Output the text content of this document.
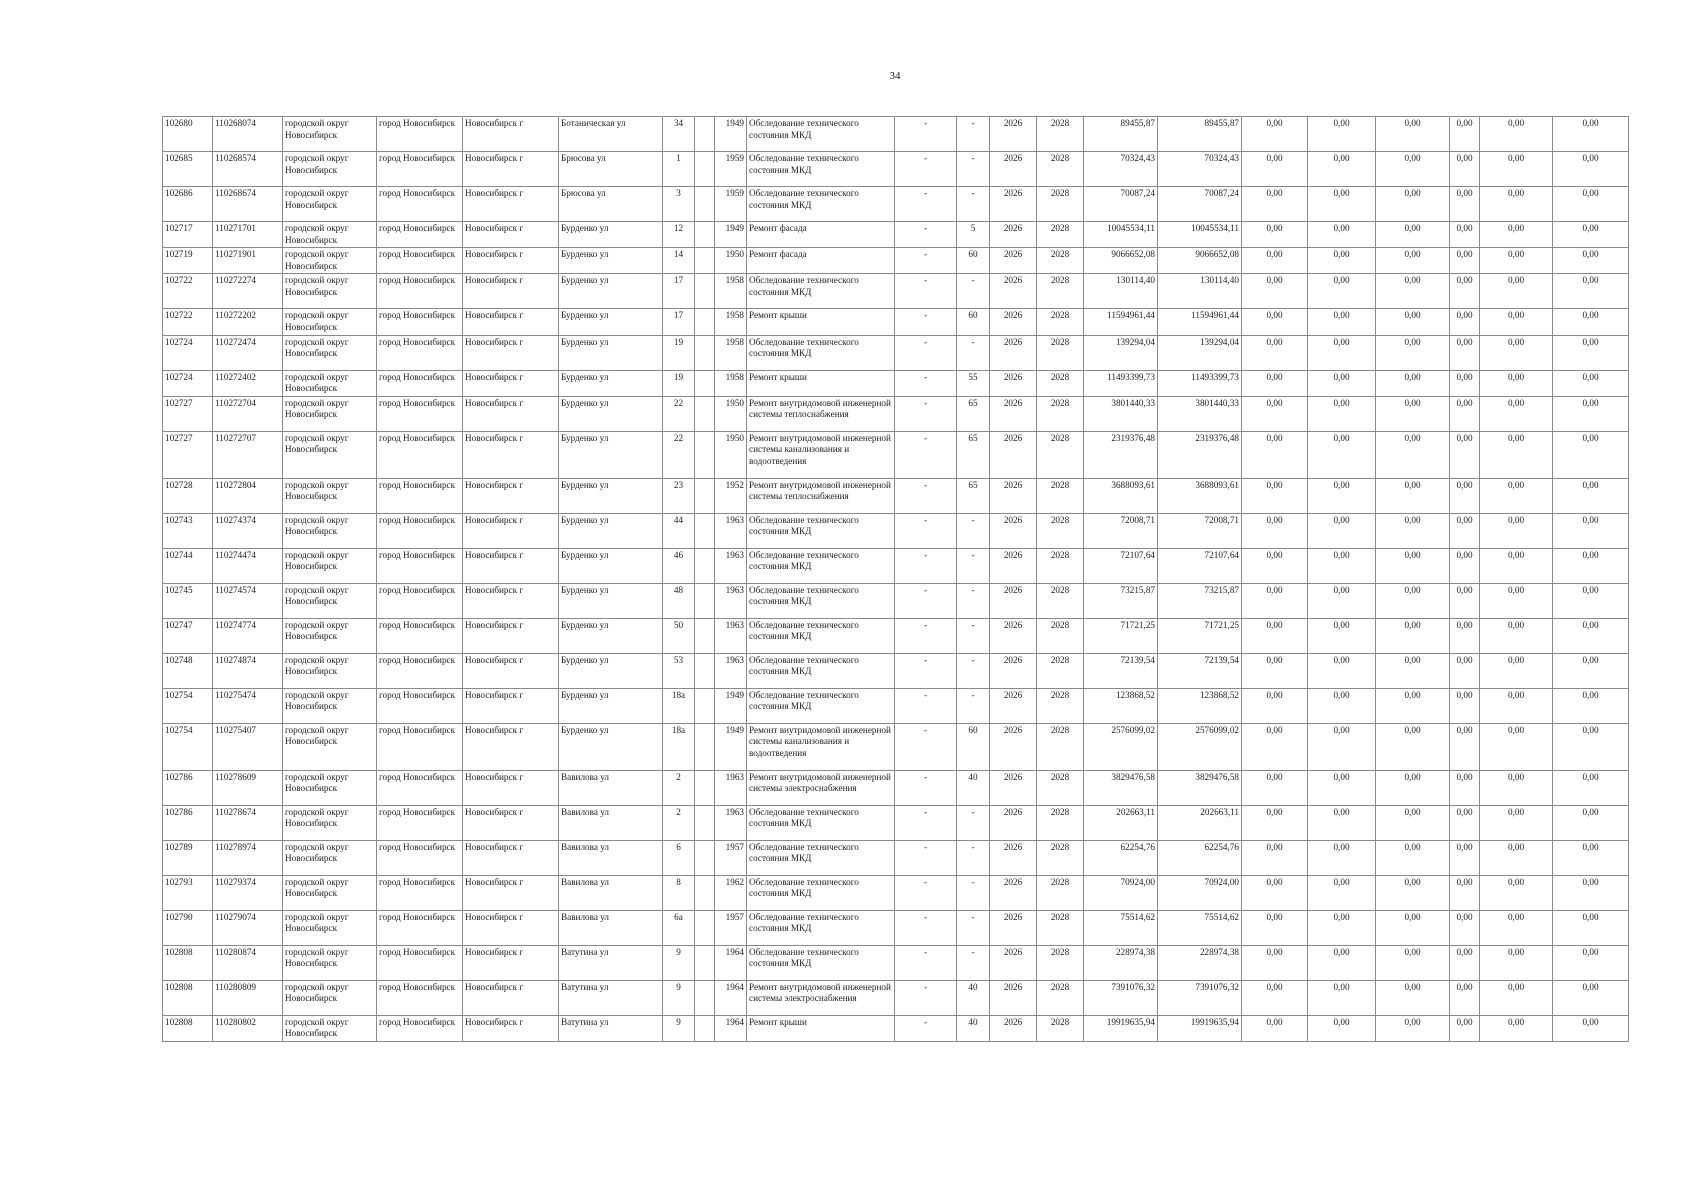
34
102680	110268074	городской округ Новосибирск	город Новосибирск	Новосибирск г	Ботаническая ул	34		1949	Обследование технического состояния МКД	-	-	2026	2028	89455,87	89455,87	0,00	0,00	0,00	0,00	0,00	0,00
102685	110268574	городской округ Новосибирск	город Новосибирск	Новосибирск г	Брюсова ул	1		1959	Обследование технического состояния МКД	-	-	2026	2028	70324,43	70324,43	0,00	0,00	0,00	0,00	0,00	0,00
102686	110268674	городской округ Новосибирск	город Новосибирск	Новосибирск г	Брюсова ул	3		1959	Обследование технического состояния МКД	-	-	2026	2028	70087,24	70087,24	0,00	0,00	0,00	0,00	0,00	0,00
102717	110271701	городской округ Новосибирск	город Новосибирск	Новосибирск г	Бурденко ул	12		1949	Ремонт фасада	-	5	2026	2028	10045534,11	10045534,11	0,00	0,00	0,00	0,00	0,00	0,00
102719	110271901	городской округ Новосибирск	город Новосибирск	Новосибирск г	Бурденко ул	14		1950	Ремонт фасада	-	60	2026	2028	9066652,08	9066652,08	0,00	0,00	0,00	0,00	0,00	0,00
102722	110272274	городской округ Новосибирск	город Новосибирск	Новосибирск г	Бурденко ул	17		1958	Обследование технического состояния МКД	-	-	2026	2028	130114,40	130114,40	0,00	0,00	0,00	0,00	0,00	0,00
102722	110272202	городской округ Новосибирск	город Новосибирск	Новосибирск г	Бурденко ул	17		1958	Ремонт крыши	-	60	2026	2028	11594961,44	11594961,44	0,00	0,00	0,00	0,00	0,00	0,00
102724	110272474	городской округ Новосибирск	город Новосибирск	Новосибирск г	Бурденко ул	19		1958	Обследование технического состояния МКД	-	-	2026	2028	139294,04	139294,04	0,00	0,00	0,00	0,00	0,00	0,00
102724	110272402	городской округ Новосибирск	город Новосибирск	Новосибирск г	Бурденко ул	19		1958	Ремонт крыши	-	55	2026	2028	11493399,73	11493399,73	0,00	0,00	0,00	0,00	0,00	0,00
102727	110272704	городской округ Новосибирск	город Новосибирск	Новосибирск г	Бурденко ул	22		1950	Ремонт внутридомовой инженерной системы теплоснабжения	-	65	2026	2028	3801440,33	3801440,33	0,00	0,00	0,00	0,00	0,00	0,00
102727	110272707	городской округ Новосибирск	город Новосибирск	Новосибирск г	Бурденко ул	22		1950	Ремонт внутридомовой инженерной системы канализования и водоотведения	-	65	2026	2028	2319376,48	2319376,48	0,00	0,00	0,00	0,00	0,00	0,00
102728	110272804	городской округ Новосибирск	город Новосибирск	Новосибирск г	Бурденко ул	23		1952	Ремонт внутридомовой инженерной системы теплоснабжения	-	65	2026	2028	3688093,61	3688093,61	0,00	0,00	0,00	0,00	0,00	0,00
102743	110274374	городской округ Новосибирск	город Новосибирск	Новосибирск г	Бурденко ул	44		1963	Обследование технического состояния МКД	-	-	2026	2028	72008,71	72008,71	0,00	0,00	0,00	0,00	0,00	0,00
102744	110274474	городской округ Новосибирск	город Новосибирск	Новосибирск г	Бурденко ул	46		1963	Обследование технического состояния МКД	-	-	2026	2028	72107,64	72107,64	0,00	0,00	0,00	0,00	0,00	0,00
102745	110274574	городской округ Новосибирск	город Новосибирск	Новосибирск г	Бурденко ул	48		1963	Обследование технического состояния МКД	-	-	2026	2028	73215,87	73215,87	0,00	0,00	0,00	0,00	0,00	0,00
102747	110274774	городской округ Новосибирск	город Новосибирск	Новосибирск г	Бурденко ул	50		1963	Обследование технического состояния МКД	-	-	2026	2028	71721,25	71721,25	0,00	0,00	0,00	0,00	0,00	0,00
102748	110274874	городской округ Новосибирск	город Новосибирск	Новосибирск г	Бурденко ул	53		1963	Обследование технического состояния МКД	-	-	2026	2028	72139,54	72139,54	0,00	0,00	0,00	0,00	0,00	0,00
102754	110275474	городской округ Новосибирск	город Новосибирск	Новосибирск г	Бурденко ул	18а		1949	Обследование технического состояния МКД	-	-	2026	2028	123868,52	123868,52	0,00	0,00	0,00	0,00	0,00	0,00
102754	110275407	городской округ Новосибирск	город Новосибирск	Новосибирск г	Бурденко ул	18а		1949	Ремонт внутридомовой инженерной системы канализования и водоотведения	-	60	2026	2028	2576099,02	2576099,02	0,00	0,00	0,00	0,00	0,00	0,00
102786	110278609	городской округ Новосибирск	город Новосибирск	Новосибирск г	Вавилова ул	2		1963	Ремонт внутридомовой инженерной системы электроснабжения	-	40	2026	2028	3829476,58	3829476,58	0,00	0,00	0,00	0,00	0,00	0,00
102786	110278674	городской округ Новосибирск	город Новосибирск	Новосибирск г	Вавилова ул	2		1963	Обследование технического состояния МКД	-	-	2026	2028	202663,11	202663,11	0,00	0,00	0,00	0,00	0,00	0,00
102789	110278974	городской округ Новосибирск	город Новосибирск	Новосибирск г	Вавилова ул	6		1957	Обследование технического состояния МКД	-	-	2026	2028	62254,76	62254,76	0,00	0,00	0,00	0,00	0,00	0,00
102793	110279374	городской округ Новосибирск	город Новосибирск	Новосибирск г	Вавилова ул	8		1962	Обследование технического состояния МКД	-	-	2026	2028	70924,00	70924,00	0,00	0,00	0,00	0,00	0,00	0,00
102790	110279074	городской округ Новосибирск	город Новосибирск	Новосибирск г	Вавилова ул	6а		1957	Обследование технического состояния МКД	-	-	2026	2028	75514,62	75514,62	0,00	0,00	0,00	0,00	0,00	0,00
102808	110280874	городской округ Новосибирск	город Новосибирск	Новосибирск г	Ватутина ул	9		1964	Обследование технического состояния МКД	-	-	2026	2028	228974,38	228974,38	0,00	0,00	0,00	0,00	0,00	0,00
102808	110280809	городской округ Новосибирск	город Новосибирск	Новосибирск г	Ватутина ул	9		1964	Ремонт внутридомовой инженерной системы электроснабжения	-	40	2026	2028	7391076,32	7391076,32	0,00	0,00	0,00	0,00	0,00	0,00
102808	110280802	городской округ Новосибирск	город Новосибирск	Новосибирск г	Ватутина ул	9		1964	Ремонт крыши	-	40	2026	2028	19919635,94	19919635,94	0,00	0,00	0,00	0,00	0,00	0,00
